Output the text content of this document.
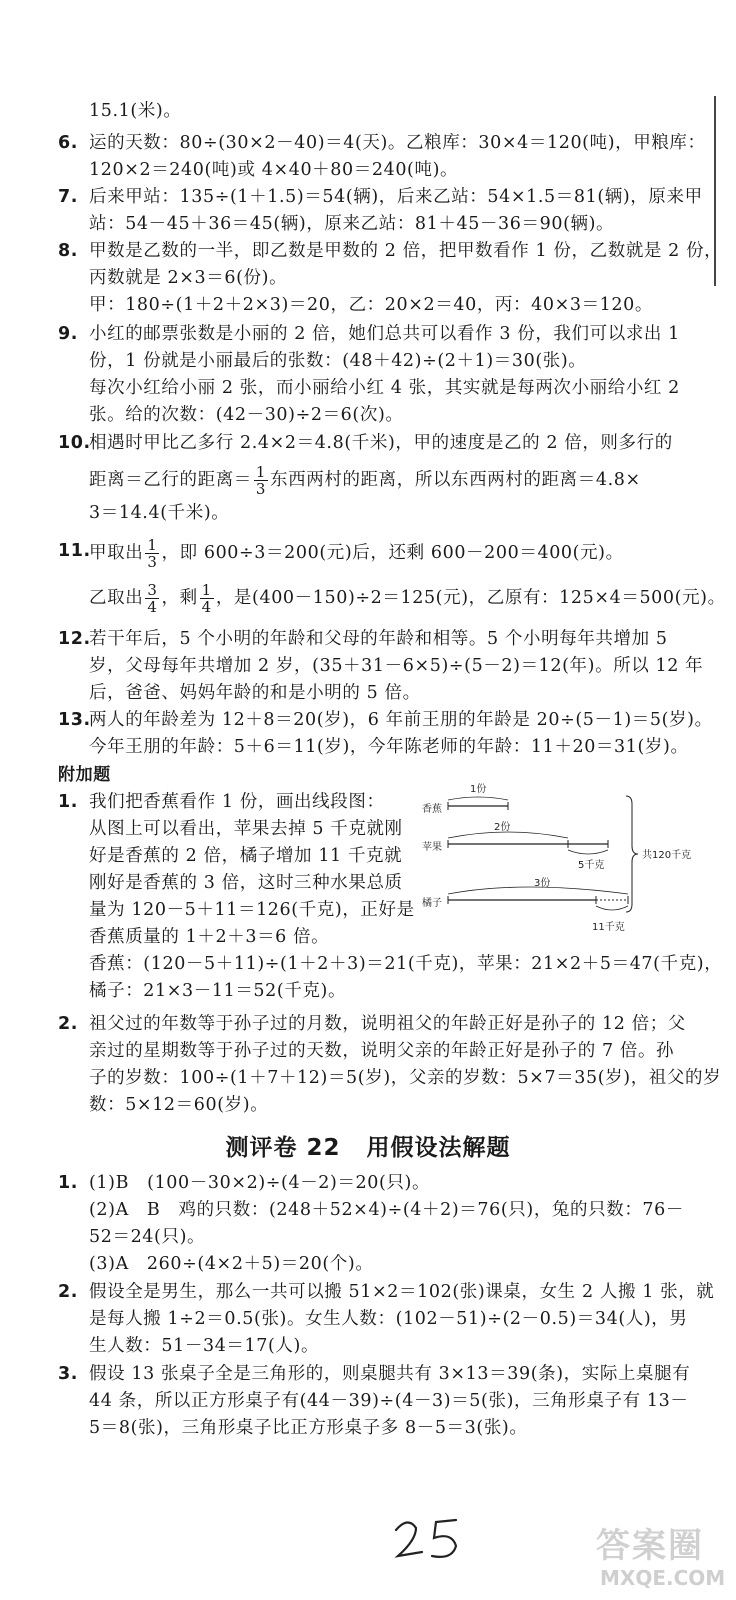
15.1(米)。
6. 运的天数：80÷(30×2－40)＝4(天)。乙粮库：30×4＝120(吨)，甲粮库：
120×2＝240(吨)或 4×40＋80＝240(吨)。
7. 后来甲站：135÷(1＋1.5)＝54(辆)，后来乙站：54×1.5＝81(辆)，原来甲
站：54－45＋36＝45(辆)，原来乙站：81＋45－36＝90(辆)。
8. 甲数是乙数的一半，即乙数是甲数的 2 倍，把甲数看作 1 份，乙数就是 2 份，
丙数就是 2×3＝6(份)。
甲：180÷(1＋2＋2×3)＝20，乙：20×2＝40，丙：40×3＝120。
9. 小红的邮票张数是小丽的 2 倍，她们总共可以看作 3 份，我们可以求出 1
份，1 份就是小丽最后的张数：(48＋42)÷(2＋1)＝30(张)。
每次小红给小丽 2 张，而小丽给小红 4 张，其实就是每两次小丽给小红 2
张。给的次数：(42－30)÷2＝6(次)。
10.
相遇时甲比乙多行 2.4×2＝4.8(千米)，甲的速度是乙的 2 倍，则多行的
距离＝乙行的距离＝ $\frac{1}{3}$ 东西两村的距离，所以东西两村的距离＝4.8×
3＝14.4(千米)。
11.
甲取出 $\frac{1}{3}$ ，即 600÷3＝200(元)后，还剩 600－200＝400(元)。
乙取出 $\frac{3}{4}$ ，剩 $\frac{1}{4}$ ，是(400－150)÷2＝125(元)，乙原有：125×4＝500(元)。
12.
若干年后，5 个小明的年龄和父母的年龄和相等。5 个小明每年共增加 5
岁，父母每年共增加 2 岁，(35＋31－6×5)÷(5－2)＝12(年)。所以 12 年
后，爸爸、妈妈年龄的和是小明的 5 倍。
13.
两人的年龄差为 12＋8＝20(岁)，6 年前王朋的年龄是 20÷(5－1)＝5(岁)。
今年王朋的年龄：5＋6＝11(岁)，今年陈老师的年龄：11＋20＝31(岁)。
附加题
1. 我们把香蕉看作 1 份，画出线段图：
从图上可以看出，苹果去掉 5 千克就刚
好是香蕉的 2 倍，橘子增加 11 千克就
刚好是香蕉的 3 倍，这时三种水果总质
量为 120－5＋11＝126(千克)，正好是
香蕉质量的 1＋2＋3＝6 倍。
香蕉：(120－5＋11)÷(1＋2＋3)＝21(千克)，苹果：21×2＋5＝47(千克)，
橘子：21×3－11＝52(千克)。
香蕉
1份
苹果
2份
5千克
橘子
3份
11千克
共120千克
2. 祖父过的年数等于孙子过的月数，说明祖父的年龄正好是孙子的 12 倍；父
亲过的星期数等于孙子过的天数，说明父亲的年龄正好是孙子的 7 倍。孙
子的岁数：100÷(1＋7＋12)＝5(岁)，父亲的岁数：5×7＝35(岁)，祖父的岁
数：5×12＝60(岁)。
测评卷 22 用假设法解题
1. (1)B　(100－30×2)÷(4－2)＝20(只)。
(2)A　B　鸡的只数：(248＋52×4)÷(4＋2)＝76(只)，兔的只数：76－
52＝24(只)。
(3)A　260÷(4×2＋5)＝20(个)。
2. 假设全是男生，那么一共可以搬 51×2＝102(张)课桌，女生 2 人搬 1 张，就
是每人搬 1÷2＝0.5(张)。女生人数：(102－51)÷(2－0.5)＝34(人)，男
生人数：51－34＝17(人)。
3. 假设 13 张桌子全是三角形的，则桌腿共有 3×13＝39(条)，实际上桌腿有
44 条，所以正方形桌子有(44－39)÷(4－3)＝5(张)，三角形桌子有 13－
5＝8(张)，三角形桌子比正方形桌子多 8－5＝3(张)。
答案圈
MXQE.COM
